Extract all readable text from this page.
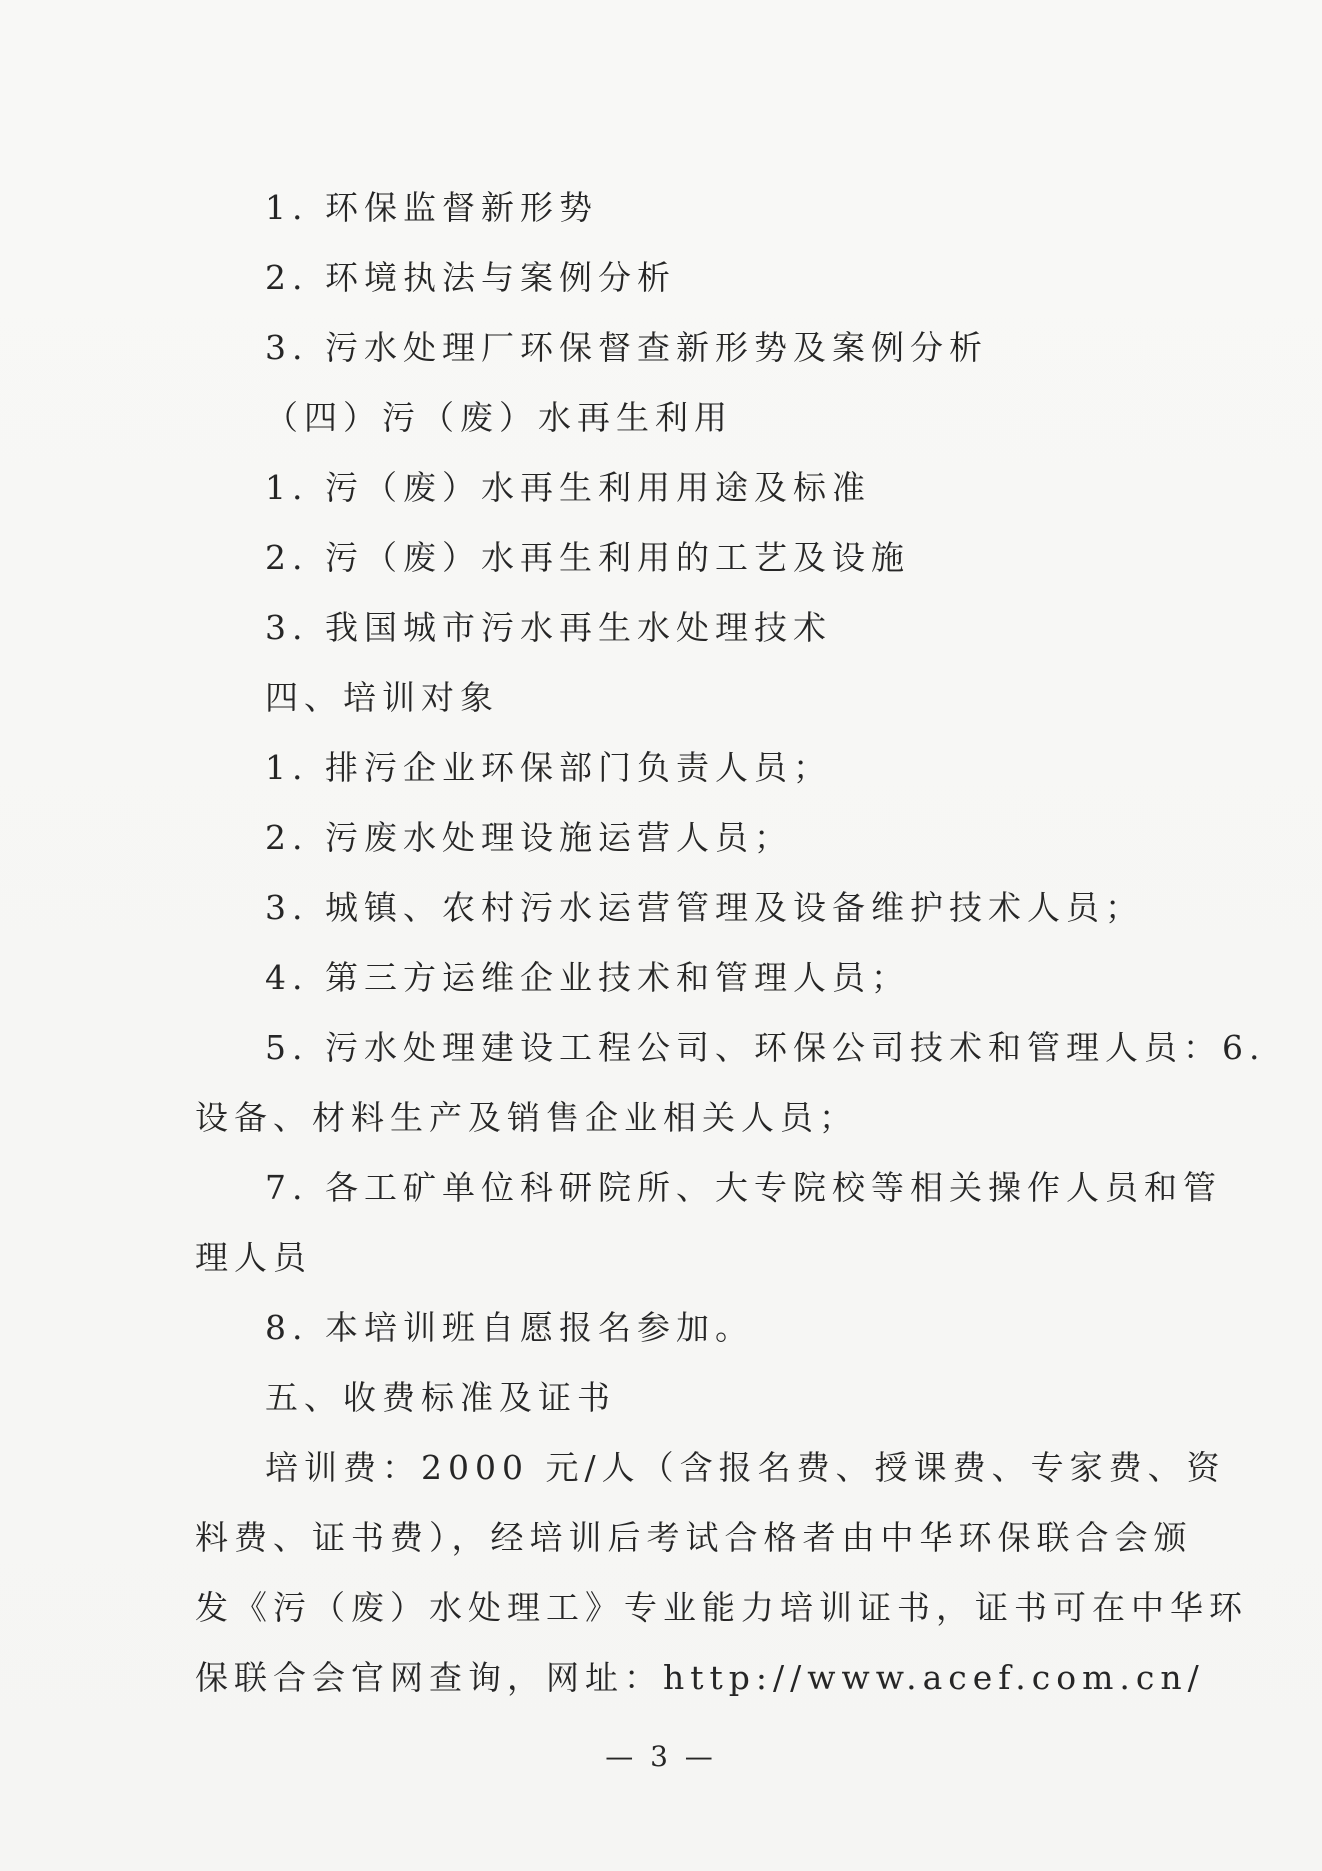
1. 环保监督新形势
2. 环境执法与案例分析
3. 污水处理厂环保督查新形势及案例分析
（四）污（废）水再生利用
1. 污（废）水再生利用用途及标准
2. 污（废）水再生利用的工艺及设施
3. 我国城市污水再生水处理技术
四、培训对象
1. 排污企业环保部门负责人员；
2. 污废水处理设施运营人员；
3. 城镇、农村污水运营管理及设备维护技术人员；
4. 第三方运维企业技术和管理人员；
5. 污水处理建设工程公司、环保公司技术和管理人员：6.
设备、材料生产及销售企业相关人员；
7. 各工矿单位科研院所、大专院校等相关操作人员和管
理人员
8. 本培训班自愿报名参加。
五、收费标准及证书
培训费：2000 元/人（含报名费、授课费、专家费、资
料费、证书费），经培训后考试合格者由中华环保联合会颁
发《污（废）水处理工》专业能力培训证书，证书可在中华环
保联合会官网查询，网址：http://www.acef.com.cn/
— 3 —
